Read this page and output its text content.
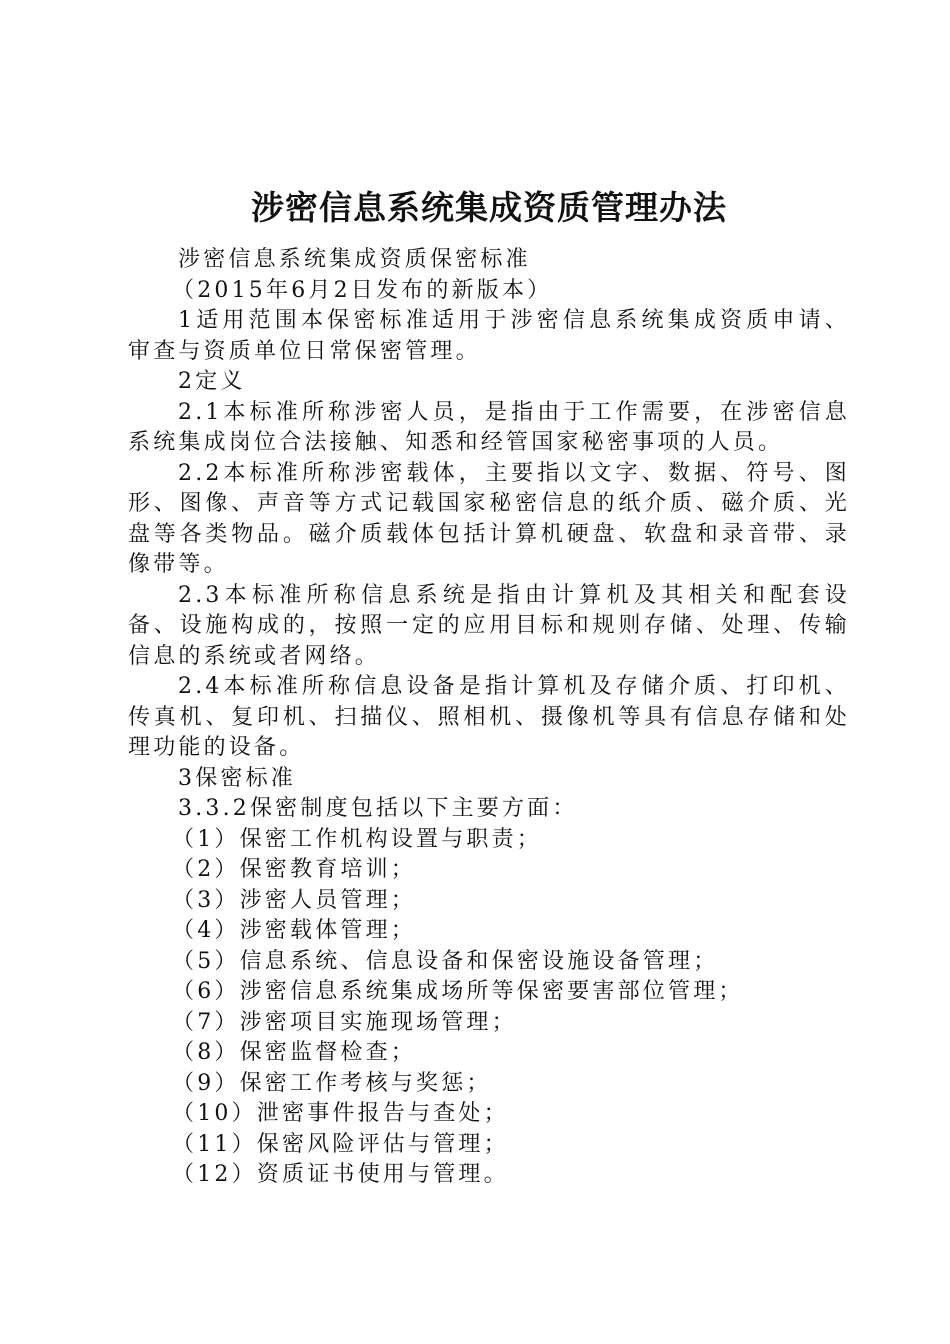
涉密信息系统集成资质管理办法

涉密信息系统集成资质保密标准

（2015年6月2日发布的新版本）

1适用范围本保密标准适用于涉密信息系统集成资质申请、审查与资质单位日常保密管理。

2定义

2.1本标准所称涉密人员，是指由于工作需要，在涉密信息系统集成岗位合法接触、知悉和经管国家秘密事项的人员。

2.2本标准所称涉密载体，主要指以文字、数据、符号、图形、图像、声音等方式记载国家秘密信息的纸介质、磁介质、光盘等各类物品。磁介质载体包括计算机硬盘、软盘和录音带、录像带等。

2.3本标准所称信息系统是指由计算机及其相关和配套设备、设施构成的，按照一定的应用目标和规则存储、处理、传输信息的系统或者网络。

2.4本标准所称信息设备是指计算机及存储介质、打印机、传真机、复印机、扫描仪、照相机、摄像机等具有信息存储和处理功能的设备。

3保密标准

3.3.2保密制度包括以下主要方面：

（1）保密工作机构设置与职责；
（2）保密教育培训；
（3）涉密人员管理；
（4）涉密载体管理；
（5）信息系统、信息设备和保密设施设备管理；
（6）涉密信息系统集成场所等保密要害部位管理；
（7）涉密项目实施现场管理；
（8）保密监督检查；
（9）保密工作考核与奖惩；
（10）泄密事件报告与查处；
（11）保密风险评估与管理；
（12）资质证书使用与管理。
